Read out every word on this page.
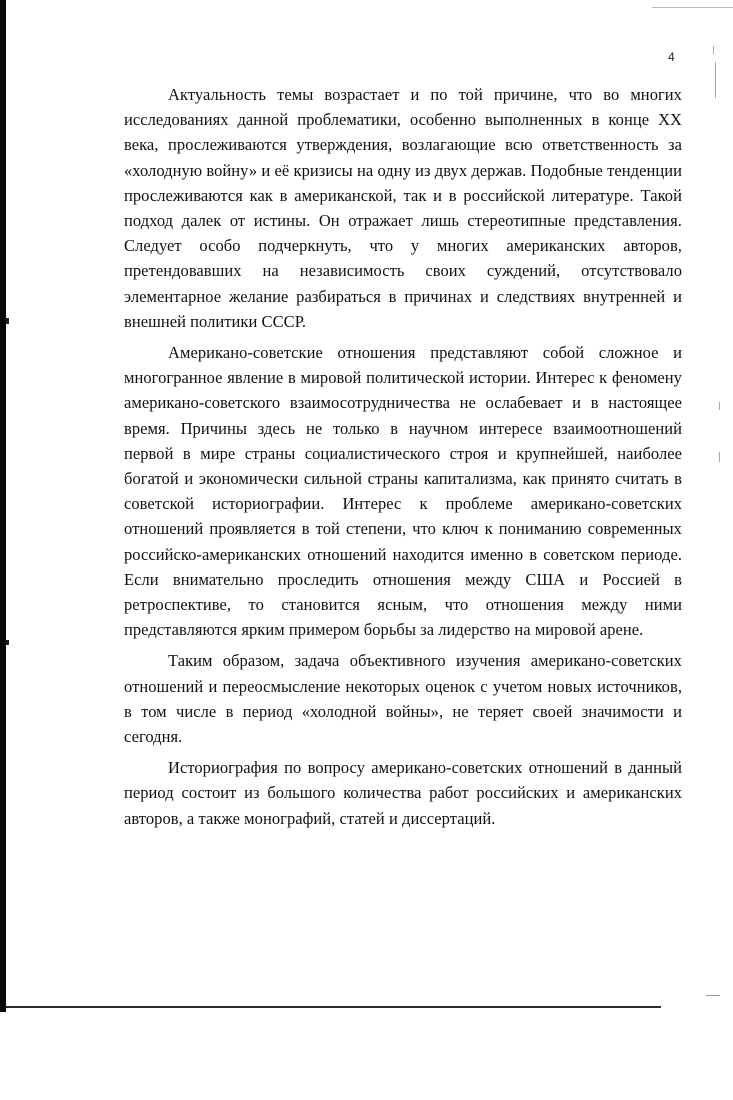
4

Актуальность темы возрастает и по той причине, что во многих исследованиях данной проблематики, особенно выполненных в конце XX века, прослеживаются утверждения, возлагающие всю ответственность за «холодную войну» и её кризисы на одну из двух держав. Подобные тенденции прослеживаются как в американской, так и в российской литературе. Такой подход далек от истины. Он отражает лишь стереотипные представления. Следует особо подчеркнуть, что у многих американских авторов, претендовавших на независимость своих суждений, отсутствовало элементарное желание разбираться в причинах и следствиях внутренней и внешней политики СССР.

Американо-советские отношения представляют собой сложное и многогранное явление в мировой политической истории. Интерес к феномену американо-советского взаимосотрудничества не ослабевает и в настоящее время. Причины здесь не только в научном интересе взаимоотношений первой в мире страны социалистического строя и крупнейшей, наиболее богатой и экономически сильной страны капитализма, как принято считать в советской историографии. Интерес к проблеме американо-советских отношений проявляется в той степени, что ключ к пониманию современных российско-американских отношений находится именно в советском периоде. Если внимательно проследить отношения между США и Россией в ретроспективе, то становится ясным, что отношения между ними представляются ярким примером борьбы за лидерство на мировой арене.

Таким образом, задача объективного изучения американо-советских отношений и переосмысление некоторых оценок с учетом новых источников, в том числе в период «холодной войны», не теряет своей значимости и сегодня.

Историография по вопросу американо-советских отношений в данный период состоит из большого количества работ российских и американских авторов, а также монографий, статей и диссертаций.
